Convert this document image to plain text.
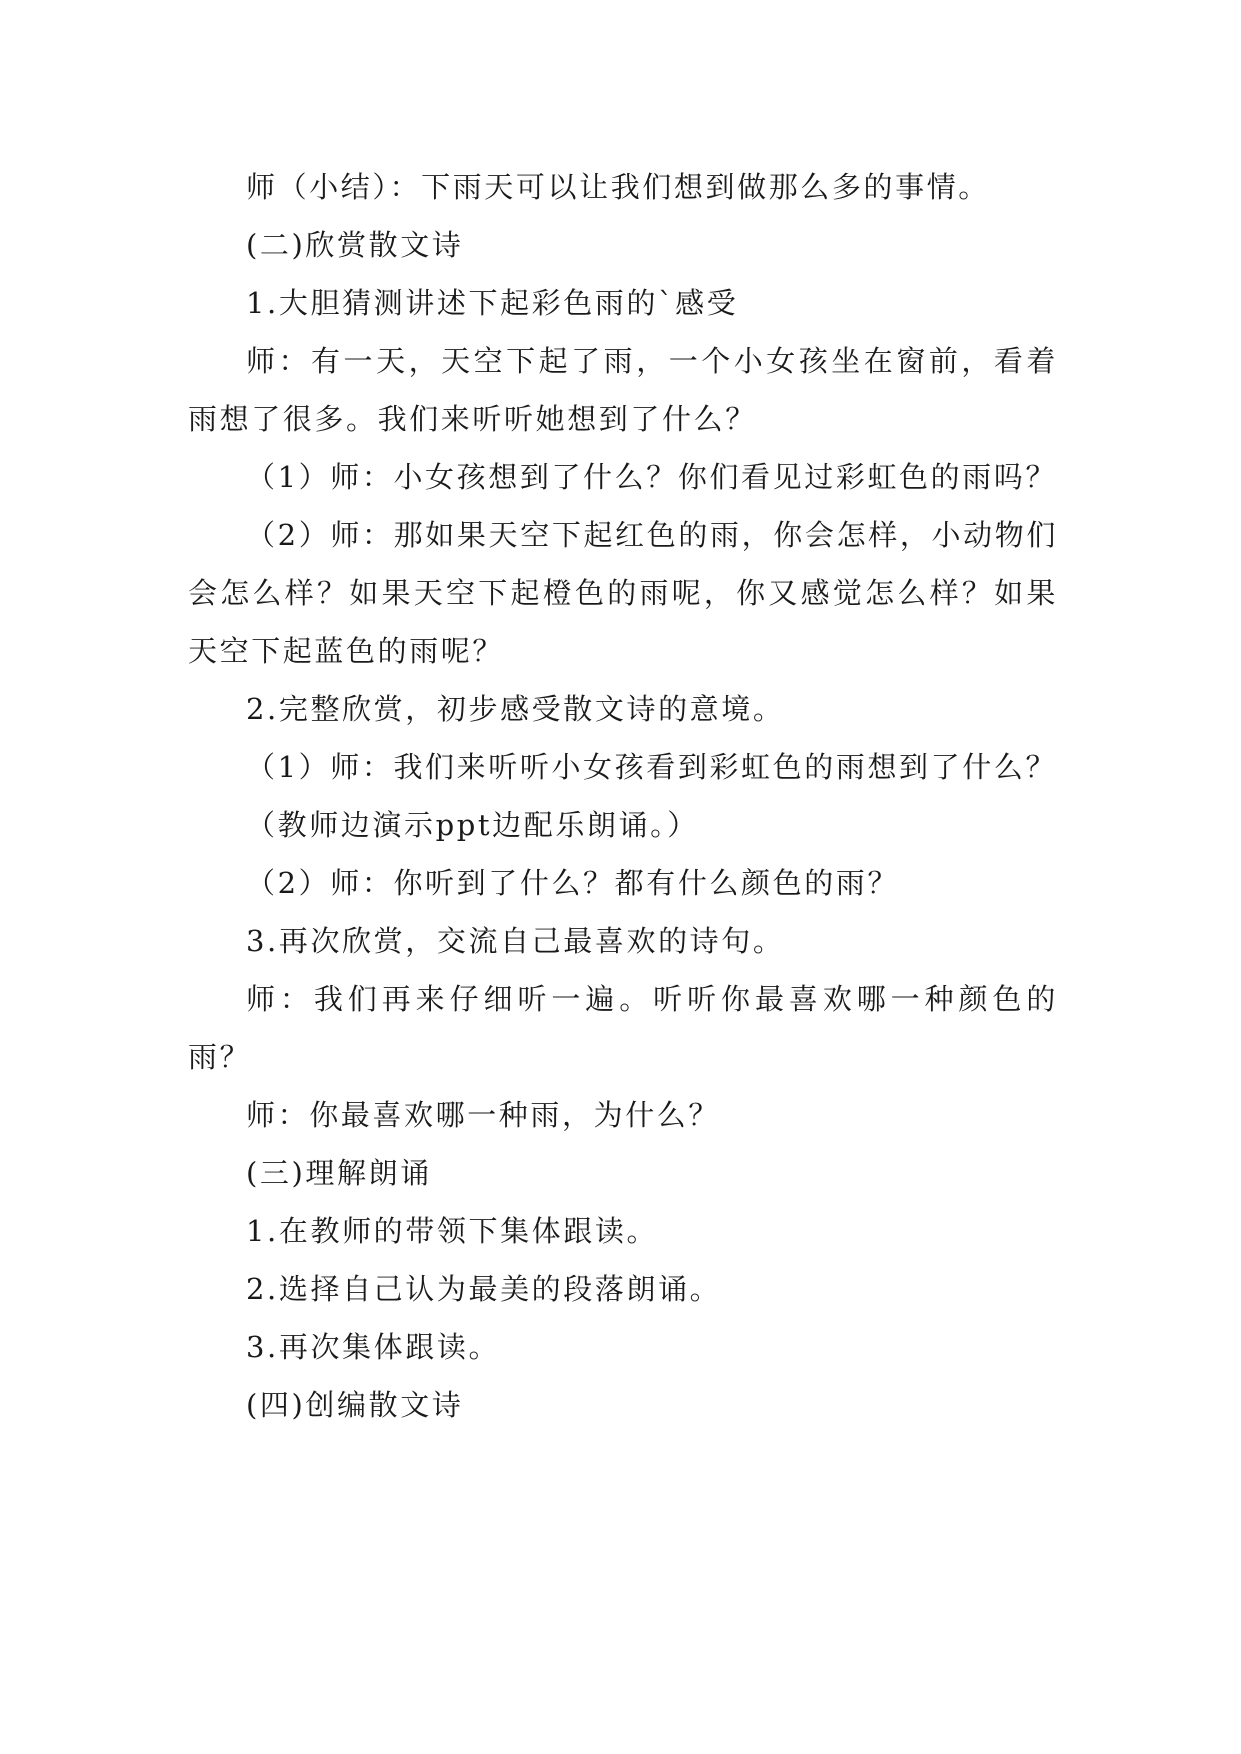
师（小结）：下雨天可以让我们想到做那么多的事情。

(二)欣赏散文诗

1.大胆猜测讲述下起彩色雨的`感受

师：有一天，天空下起了雨，一个小女孩坐在窗前，看着雨想了很多。我们来听听她想到了什么？

（1）师：小女孩想到了什么？你们看见过彩虹色的雨吗？

（2）师：那如果天空下起红色的雨，你会怎样，小动物们会怎么样？如果天空下起橙色的雨呢，你又感觉怎么样？如果天空下起蓝色的雨呢？

2.完整欣赏，初步感受散文诗的意境。

（1）师：我们来听听小女孩看到彩虹色的雨想到了什么？

（教师边演示ppt边配乐朗诵。）

（2）师：你听到了什么？都有什么颜色的雨？

3.再次欣赏，交流自己最喜欢的诗句。

师：我们再来仔细听一遍。听听你最喜欢哪一种颜色的雨？

师：你最喜欢哪一种雨，为什么？

(三)理解朗诵

1.在教师的带领下集体跟读。

2.选择自己认为最美的段落朗诵。

3.再次集体跟读。

(四)创编散文诗
